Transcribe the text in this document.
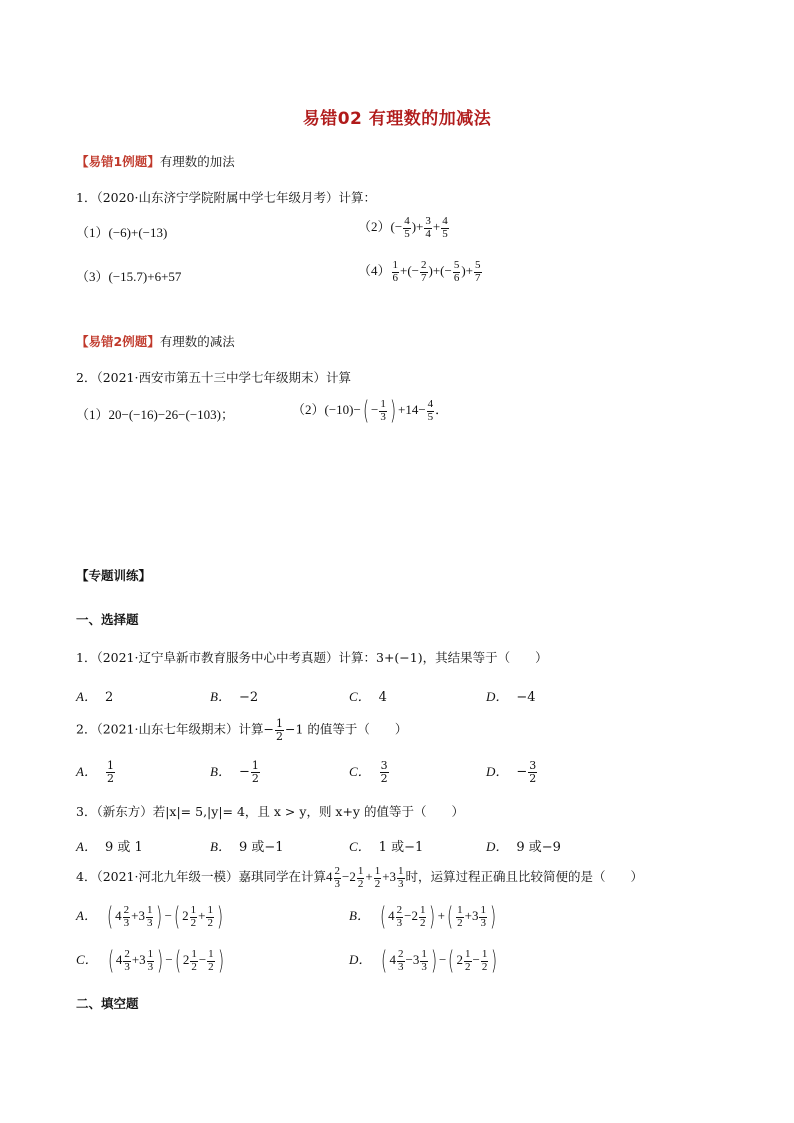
易错02 有理数的加减法
【易错1例题】有理数的加法
1．（2020·山东济宁学院附属中学七年级月考）计算：
（1）(−6)+(−13)	$(2)(- \frac{4}{5}$ )+ $\frac{3}{4} + \frac{4}{5}$
（3）(−15.7)+6+57	$(4) \frac{1}{6}$ +(− $\frac{2}{7}$ )+(− $\frac{5}{6}$ )+ $\frac{5}{7}$
【易错2例题】有理数的减法
2．（2021·西安市第五十三中学七年级期末）计算
（1）20−(−16)−26−(−103)；	$(2)(-10)-( - \frac{1}{3}$ ) $+14- \frac{4}{5}$ ．
【专题训练】
一、选择题
1．（2021·辽宁阜新市教育服务中心中考真题）计算：3+(−1)，其结果等于（　　）
A． 2	B． −2	C． 4	D． −4
2．（2021·山东七年级期末）计算− $\frac{1}{2} -1$ 的值等于（　　）
A． $\frac{1}{2}$	B． − $\frac{1}{2}$	C． $\frac{3}{2}$	D． − $\frac{3}{2}$
3．（新东方）若|x|= 5,|y|= 4，且 x > y，则 x+y 的值等于（　　）
A． 9 或 1	B． 9 或−1	C． 1 或−1	D． 9 或−9
4．（2021·河北九年级一模）嘉琪同学在计算$4 \frac{2}{3} -2 \frac{1}{2} + \frac{1}{2} +3 \frac{1}{3}$ 时，运算过程正确且比较简便的是（　　）
A． ( $4 \frac{2}{3} +3 \frac{1}{3}$ ) −( $2 \frac{1}{2} + \frac{1}{2}$ )	B． ( $4 \frac{2}{3} -2 \frac{1}{2}$ ) +( $\frac{1}{2} +3 \frac{1}{3}$ )
C． ( $4 \frac{2}{3} +3 \frac{1}{3}$ ) −( $2 \frac{1}{2} - \frac{1}{2}$ )	D． ( $4 \frac{2}{3} -3 \frac{1}{3}$ ) −( $2 \frac{1}{2} - \frac{1}{2}$ )
二、填空题
